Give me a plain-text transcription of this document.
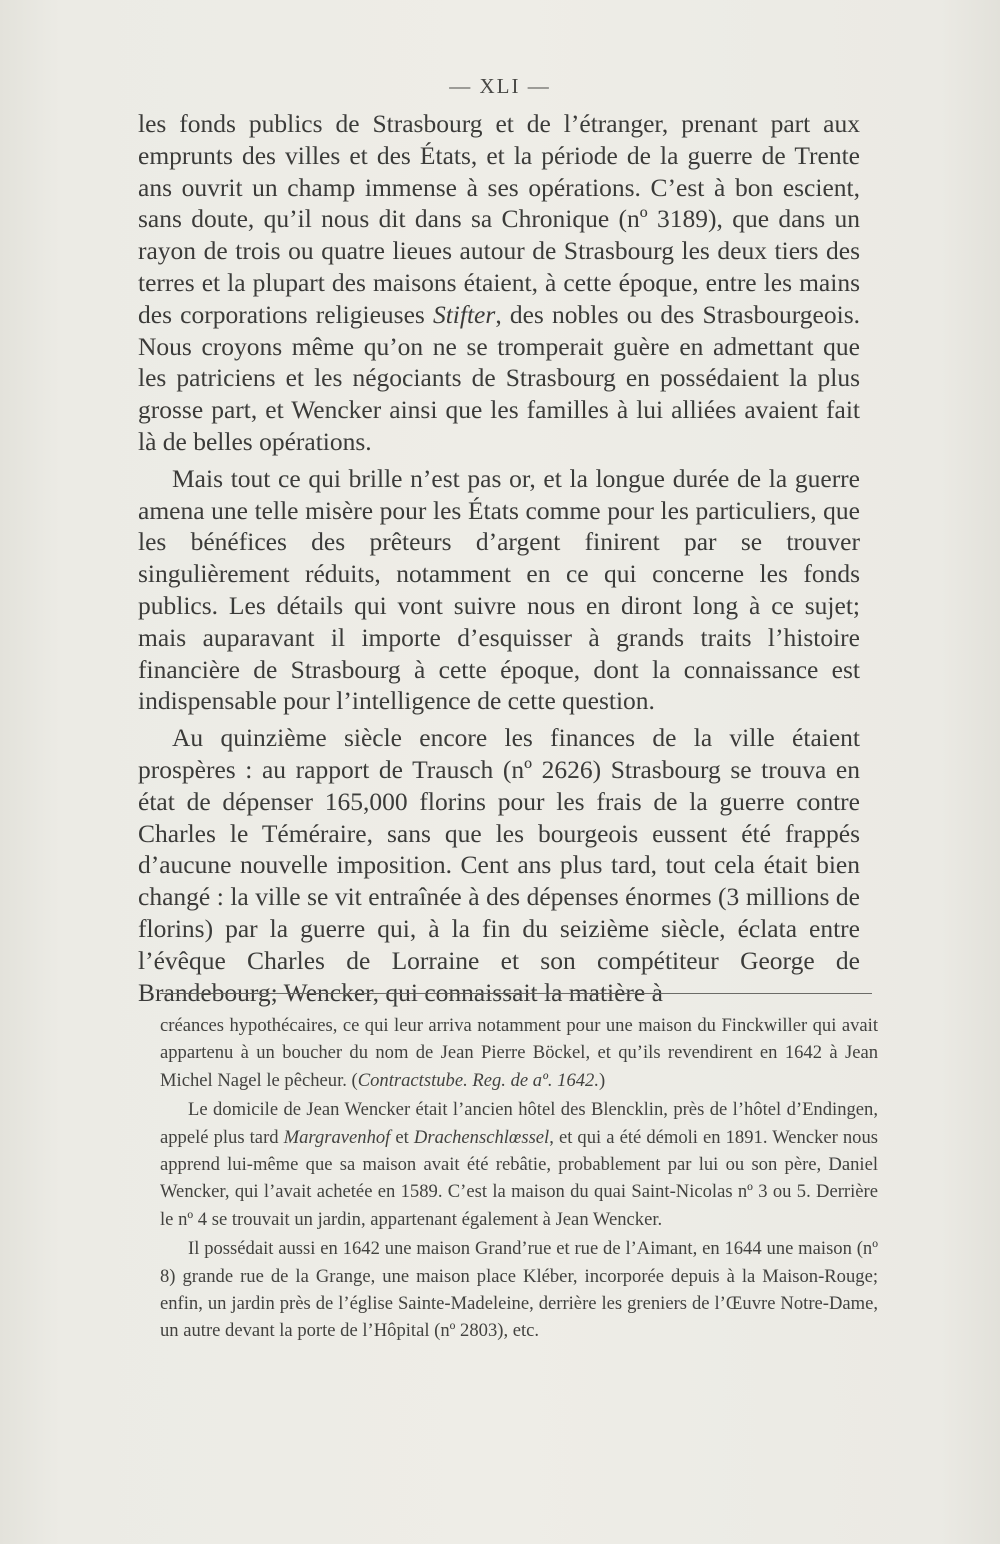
— XLI —

les fonds publics de Strasbourg et de l’étranger, prenant part aux emprunts des villes et des États, et la période de la guerre de Trente ans ouvrit un champ immense à ses opérations. C’est à bon escient, sans doute, qu’il nous dit dans sa Chronique (nº 3189), que dans un rayon de trois ou quatre lieues autour de Strasbourg les deux tiers des terres et la plupart des maisons étaient, à cette époque, entre les mains des corporations religieuses Stifter, des nobles ou des Strasbourgeois. Nous croyons même qu’on ne se tromperait guère en admettant que les patriciens et les négociants de Strasbourg en possédaient la plus grosse part, et Wencker ainsi que les familles à lui alliées avaient fait là de belles opérations.

Mais tout ce qui brille n’est pas or, et la longue durée de la guerre amena une telle misère pour les États comme pour les particuliers, que les bénéfices des prêteurs d’argent finirent par se trouver singulièrement réduits, notamment en ce qui concerne les fonds publics. Les détails qui vont suivre nous en diront long à ce sujet; mais auparavant il importe d’esquisser à grands traits l’histoire financière de Strasbourg à cette époque, dont la connaissance est indispensable pour l’intelligence de cette question.

Au quinzième siècle encore les finances de la ville étaient prospères : au rapport de Trausch (nº 2626) Strasbourg se trouva en état de dépenser 165,000 florins pour les frais de la guerre contre Charles le Téméraire, sans que les bourgeois eussent été frappés d’aucune nouvelle imposition. Cent ans plus tard, tout cela était bien changé : la ville se vit entraînée à des dépenses énormes (3 millions de florins) par la guerre qui, à la fin du seizième siècle, éclata entre l’évêque Charles de Lorraine et son compétiteur George de Brandebourg; Wencker, qui connaissait la matière à

créances hypothécaires, ce qui leur arriva notamment pour une maison du Finckwiller qui avait appartenu à un boucher du nom de Jean Pierre Böckel, et qu’ils revendirent en 1642 à Jean Michel Nagel le pêcheur. (Contractstube. Reg. de aº. 1642.)

Le domicile de Jean Wencker était l’ancien hôtel des Blencklin, près de l’hôtel d’Endingen, appelé plus tard Margravenhof et Drachenschlœssel, et qui a été démoli en 1891. Wencker nous apprend lui-même que sa maison avait été rebâtie, probablement par lui ou son père, Daniel Wencker, qui l’avait achetée en 1589. C’est la maison du quai Saint-Nicolas nº 3 ou 5. Derrière le nº 4 se trouvait un jardin, appartenant également à Jean Wencker.

Il possédait aussi en 1642 une maison Grand’rue et rue de l’Aimant, en 1644 une maison (nº 8) grande rue de la Grange, une maison place Kléber, incorporée depuis à la Maison-Rouge; enfin, un jardin près de l’église Sainte-Madeleine, derrière les greniers de l’Œuvre Notre-Dame, un autre devant la porte de l’Hôpital (nº 2803), etc.
